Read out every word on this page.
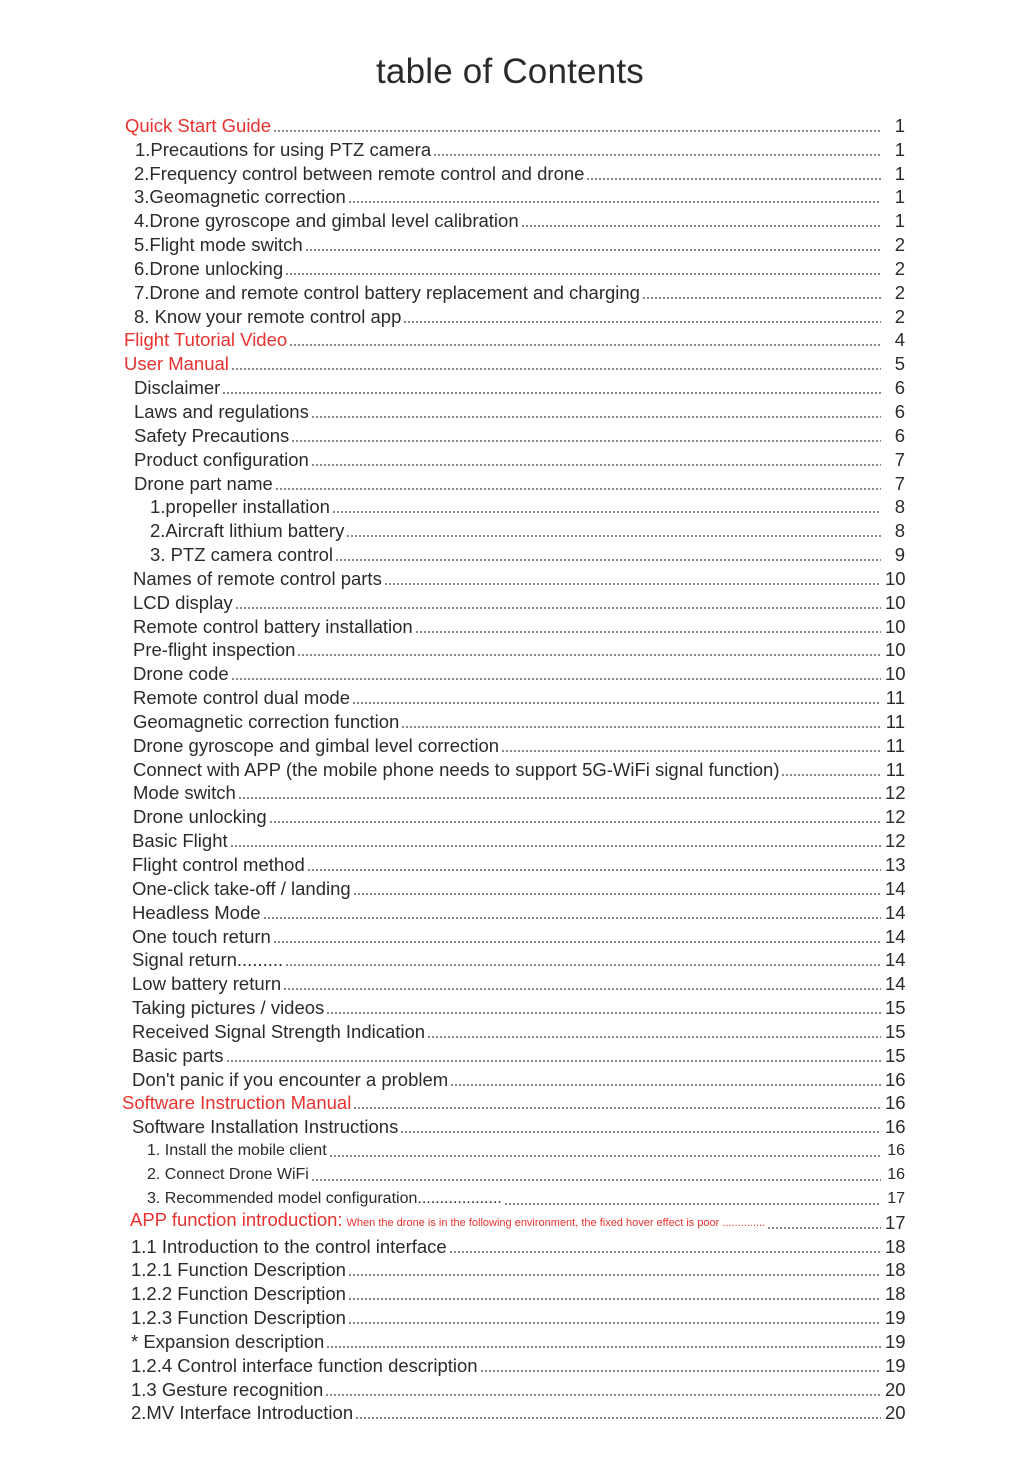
table of Contents
Quick Start Guide	1
1.Precautions for using PTZ camera	1
2.Frequency control between remote control and drone	1
3.Geomagnetic correction	1
4.Drone gyroscope and gimbal level calibration	1
5.Flight mode switch	2
6.Drone unlocking	2
7.Drone and remote control battery replacement and charging	2
8. Know your remote control app	2
Flight Tutorial Video	4
User Manual	5
Disclaimer	6
Laws and regulations	6
Safety Precautions	6
Product configuration	7
Drone part name	7
1.propeller installation	8
2.Aircraft lithium battery	8
3. PTZ camera control	9
Names of remote control parts	10
LCD display	10
Remote control battery installation	10
Pre-flight inspection	10
Drone code	10
Remote control dual mode	11
Geomagnetic correction function	11
Drone gyroscope and gimbal level correction	11
Connect with APP (the mobile phone needs to support 5G-WiFi signal function)	11
Mode switch	12
Drone unlocking	12
Basic Flight	12
Flight control method	13
One-click take-off / landing	14
Headless Mode	14
One touch return	14
Signal return.........	14
Low battery return	14
Taking pictures / videos	15
Received Signal Strength Indication	15
Basic parts	15
Don't panic if you encounter a problem	16
Software Instruction Manual	16
Software Installation Instructions	16
1. Install the mobile client	16
2. Connect Drone WiFi	16
3. Recommended model configuration...................	17
APP function introduction: When the drone is in the following environment, the fixed hover effect is poor ..............	17
1.1 Introduction to the control interface	18
1.2.1 Function Description	18
1.2.2 Function Description	18
1.2.3 Function Description	19
* Expansion description	19
1.2.4 Control interface function description	19
1.3 Gesture recognition	20
2.MV Interface Introduction	20
